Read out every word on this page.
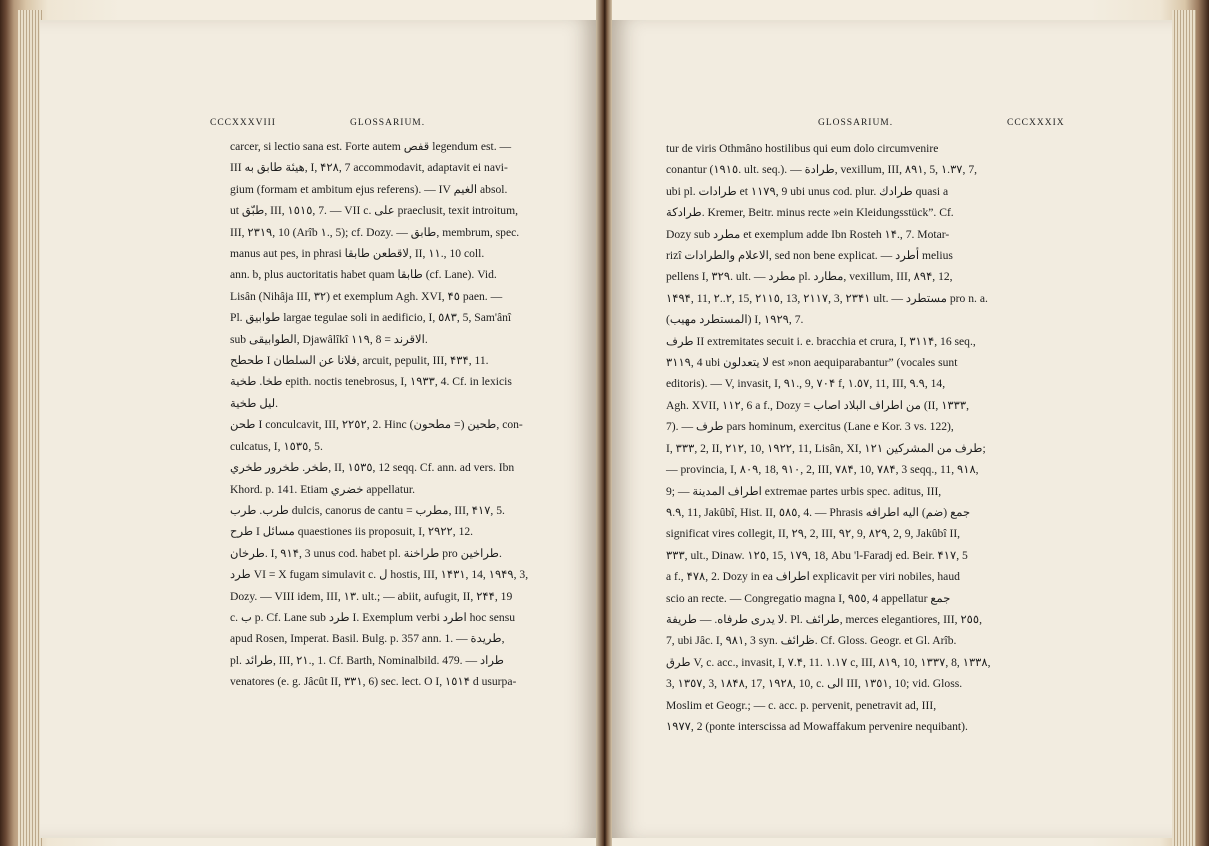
CCCXXXVIII	GLOSSARIUM.

carcer, si lectio sana est. Forte autem ﻗﻔﺺ legendum est. —

III ﻫﻴﺌﺔ ﻃﺎﺑﻖ به, I, ۴۲۸, 7 accommodavit, adaptavit ei navi-

gium (formam et ambitum ejus referens). — IV ﺍﻟﻐﻴﻢ absol.

ut ﻃﺒّﻖ, III, ۱٥١٥, 7. — VII c. ﻋﻠﻰ praeclusit, texit introitum,

III, ۲۳۱۹, 10 (Arîb ۱., 5); cf. Dozy. — ﻃﺎﺑﻖ, membrum, spec.

manus aut pes, in phrasi ﻻﻗﻄﻌﻦ ﻃﺎﺑﻘﺎ, II, ۱۱., 10 coll.

ann. b, plus auctoritatis habet quam ﻃﺎﺑﻘﺎ (cf. Lane). Vid.

Lisân (Nihâja III, ۳۲) et exemplum Agh. XVI, ۴٥ paen. —

Pl. ﻃﻮﺍﺑﻴﻖ largae tegulae soli in aedificio, I, ٥٨۳, 5, Sam'ânî

sub ﺍﻟﻄﻮﺍﺑﻴﻘﻰ, Djawâlîkî ۱۱۹, 8 = ﺍﻻﻗﺮﻧﺪ.

ﻃﺤﻄﺢ I ﻓﻼﻧﺎ ﻋﻦ ﺍﻟﺴﻠﻄﺎﻥ, arcuit, pepulit, III, ۴۳۴, 11.

ﻃﺨﺎ. ﻃﺨﻴﺔ epith. noctis tenebrosus, I, ۱۹۳۳, 4. Cf. in lexicis

ﻟﻴﻞ ﻃﺨﻴﺔ.

ﻃﺤﻦ I conculcavit, III, ۲۲٥۲, 2. Hinc ﻃﺤﻴﻦ (= ﻣﻄﺤﻮﻥ), con-

culcatus, I, ۱٥۳٥, 5.

ﻃﺨﺮ. ﻃﺨﺮﻭﺭ ﻃﺨﺮﻱ, II, ۱٥۳٥, 12 seqq. Cf. ann. ad vers. Ibn

Khord. p. 141. Etiam ﺧﻀﺮﻱ appellatur.

ﻃﺮﺏ. ﻃﺮﺏ dulcis, canorus de cantu = ﻣﻄﺮﺏ, III, ۴۱۷, 5.

ﻃﺮﺡ I ﻣﺴﺎﺋﻞ quaestiones iis proposuit, I, ۲۹۲۲, 12.

ﻃﺮﺧﺎﻥ. I, ۹۱۴, 3 unus cod. habet pl. ﻃﺮﺍﺧﻨﺔ pro ﻃﺮﺍﺧﻴﻦ.

ﻃﺮﺩ VI = X fugam simulavit c. ﻝ hostis, III, ۱۴۳۱, 14, ۱۹۴۹, 3,

Dozy. — VIII idem, III, ۱۳. ult.; — abiit, aufugit, II, ۲۴۴, 19

c. ﺏ p. Cf. Lane sub ﻃﺮﺩ I. Exemplum verbi ﺍﻃﺮﺩ hoc sensu

apud Rosen, Imperat. Basil. Bulg. p. 357 ann. 1. — ﻃﺮﻳﺪﺓ,

pl. ﻃﺮﺍﺋﺪ, III, ۲۱., 1. Cf. Barth, Nominalbild. 479. — ﻃﺮﺍﺩ

venatores (e. g. Jâcût II, ۳۳۱, 6) sec. lect. O I, ۱٥۱۴ d usurpa-

GLOSSARIUM.	CCCXXXIX

tur de viris Othmâno hostilibus qui eum dolo circumvenire

conantur (۱۹۱٥. ult. seq.). — ﻃﺮﺍﺩﺓ, vexillum, III, ۸۹۱, 5, ۱.۳۷, 7,

ubi pl. ﻃﺮﺍﺩﺍﺕ et ۱۱۷۹, 9 ubi unus cod. plur. ﻃﺮﺍﺩﻙ quasi a

ﻃﺮﺍﺩﻛﺔ. Kremer, Beitr. minus recte »ein Kleidungsstück”. Cf.

Dozy sub ﻣﻄﺮﺩ et exemplum adde Ibn Rosteh ۱۴., 7. Motar-

rizî ﺍﻻﻋﻼﻡ ﻭﺍﻟﻄﺮﺍﺩﺍﺕ, sed non bene explicat. — ﺃﻃﺮﺩ melius

pellens I, ۳۲۹. ult. — ﻣﻄﺮﺩ pl. ﻣﻄﺎﺭﺩ, vexillum, III, ۸۹۴, 12,

۱۴۹۴, 11, ۲..۲, 15, ۲۱۱٥, 13, ۲۱۱۷, 3, ۲۳۴۱ ult. — ﻣﺴﺘﻄﺮﺩ pro n. a.

(ﺍﻟﻤﺴﺘﻄﺮﺩ ﻣﻬﻴﺐ) I, ۱۹۲۹, 7.

ﻃﺮﻑ II extremitates secuit i. e. bracchia et crura, I, ۳۱۱۴, 16 seq.,

۳۱۱۹, 4 ubi ﻻ ﻳﺘﻌﺪﻟﻮﻥ est »non aequiparabantur” (vocales sunt

editoris). — V, invasit, I, ۹۱., 9, ۷۰۴ f, ۱.٥۷, 11, III, ۹.۹, 14,

Agh. XVII, ۱۱۲, 6 a f., Dozy = ﻣﻦ ﺍﻃﺮﺍﻑ ﺍﻟﺒﻼﺩ ﺍﺻﺎﺏ (II, ۱۳۳۳,

7). — ﻃﺮﻑ pars hominum, exercitus (Lane e Kor. 3 vs. 122),

I, ۳۳۳, 2, II, ۲۱۲, 10, ۱۹۲۲, 11, Lisân, XI, ۱۲۱ ﻃﺮﻑ ﻣﻦ ﺍﻟﻤﺸﺮﻛﻴﻦ;

— provincia, I, ۸۰۹, 18, ۹۱۰, 2, III, ۷۸۴, 10, ۷۸۴, 3 seqq., 11, ۹۱۸,

9; — ﺍﻃﺮﺍﻑ ﺍﻟﻤﺪﻳﻨﺔ extremae partes urbis spec. aditus, III,

۹.۹, 11, Jakûbî, Hist. II, ٥٨٥, 4. — Phrasis ﺟﻤﻊ (ﺿﻢ) ﺍﻟﻴﻪ ﺍﻃﺮﺍﻓﻪ

significat vires collegit, II, ۲۹, 2, III, ۹۲, 9, ۸۲۹, 2, 9, Jakûbî II,

۳۳۳, ult., Dinaw. ۱۲٥, 15, ۱۷۹, 18, Abu 'l-Faradj ed. Beir. ۴۱۷, 5

a f., ۴۷۸, 2. Dozy in ea ﺍﻃﺮﺍﻑ explicavit per viri nobiles, haud

scio an recte. — Congregatio magna I, ۹٥٥, 4 appellatur ﺟﻤﻊ

ﻻ ﻳﺪﺭﻯ ﻃﺮﻓﺎﻩ. — ﻃﺮﻳﻔﺔ. Pl. ﻃﺮﺍﺋﻒ, merces elegantiores, III, ۲٥٥,

7, ubi Jâc. I, ۹۸۱, 3 syn. ﻇﺮﺍﺋﻒ. Cf. Gloss. Geogr. et Gl. Arîb.

ﻃﺮﻕ V, c. acc., invasit, I, ۷.۴, 11. ۱.۱۷ c, III, ۸۱۹, 10, ۱۳۳۷, 8, ۱۳۳۸,

3, ۱۳٥۷, 3, ۱۸۴۸, 17, ۱۹۲۸, 10, c. ﺍﻟﻰ III, ۱۳٥۱, 10; vid. Gloss.

Moslim et Geogr.; — c. acc. p. pervenit, penetravit ad, III,

۱۹۷۷, 2 (ponte interscissa ad Mowaffakum pervenire nequibant).
